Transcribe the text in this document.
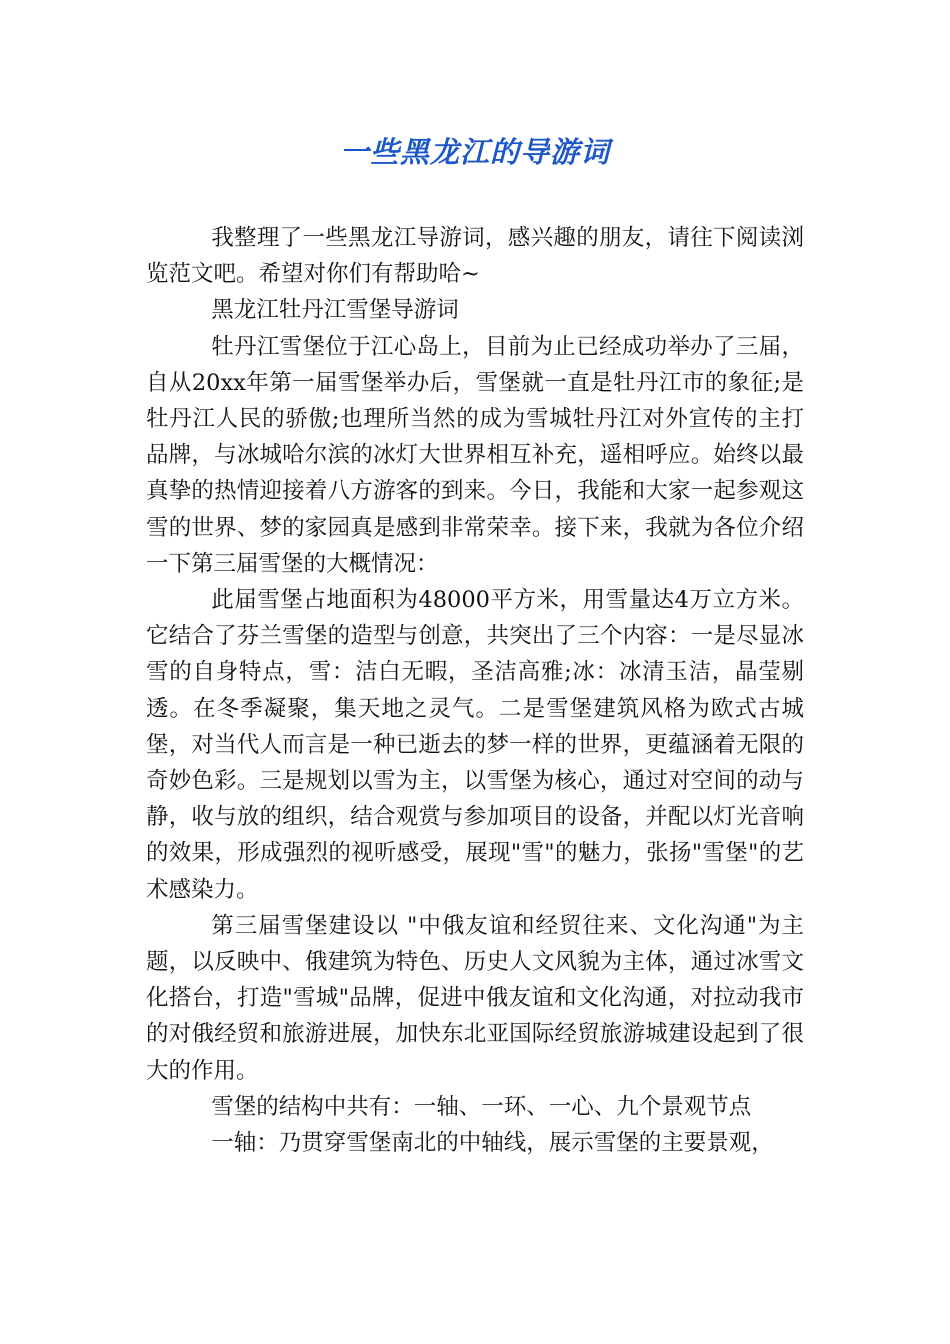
一些黑龙江的导游词

我整理了一些黑龙江导游词，感兴趣的朋友，请往下阅读浏览范文吧。希望对你们有帮助哈~

黑龙江牡丹江雪堡导游词

牡丹江雪堡位于江心岛上，目前为止已经成功举办了三届，自从20xx年第一届雪堡举办后，雪堡就一直是牡丹江市的象征;是牡丹江人民的骄傲;也理所当然的成为雪城牡丹江对外宣传的主打品牌，与冰城哈尔滨的冰灯大世界相互补充，遥相呼应。始终以最真挚的热情迎接着八方游客的到来。今日，我能和大家一起参观这雪的世界、梦的家园真是感到非常荣幸。接下来，我就为各位介绍一下第三届雪堡的大概情况：

此届雪堡占地面积为48000平方米，用雪量达4万立方米。它结合了芬兰雪堡的造型与创意，共突出了三个内容：一是尽显冰雪的自身特点，雪：洁白无暇，圣洁高雅;冰：冰清玉洁，晶莹剔透。在冬季凝聚，集天地之灵气。二是雪堡建筑风格为欧式古城堡，对当代人而言是一种已逝去的梦一样的世界，更蕴涵着无限的奇妙色彩。三是规划以雪为主，以雪堡为核心，通过对空间的动与静，收与放的组织，结合观赏与参加项目的设备，并配以灯光音响的效果，形成强烈的视听感受，展现"雪"的魅力，张扬"雪堡"的艺术感染力。

第三届雪堡建设以 "中俄友谊和经贸往来、文化沟通"为主题，以反映中、俄建筑为特色、历史人文风貌为主体，通过冰雪文化搭台，打造"雪城"品牌，促进中俄友谊和文化沟通，对拉动我市的对俄经贸和旅游进展，加快东北亚国际经贸旅游城建设起到了很大的作用。

雪堡的结构中共有：一轴、一环、一心、九个景观节点

一轴：乃贯穿雪堡南北的中轴线，展示雪堡的主要景观，
